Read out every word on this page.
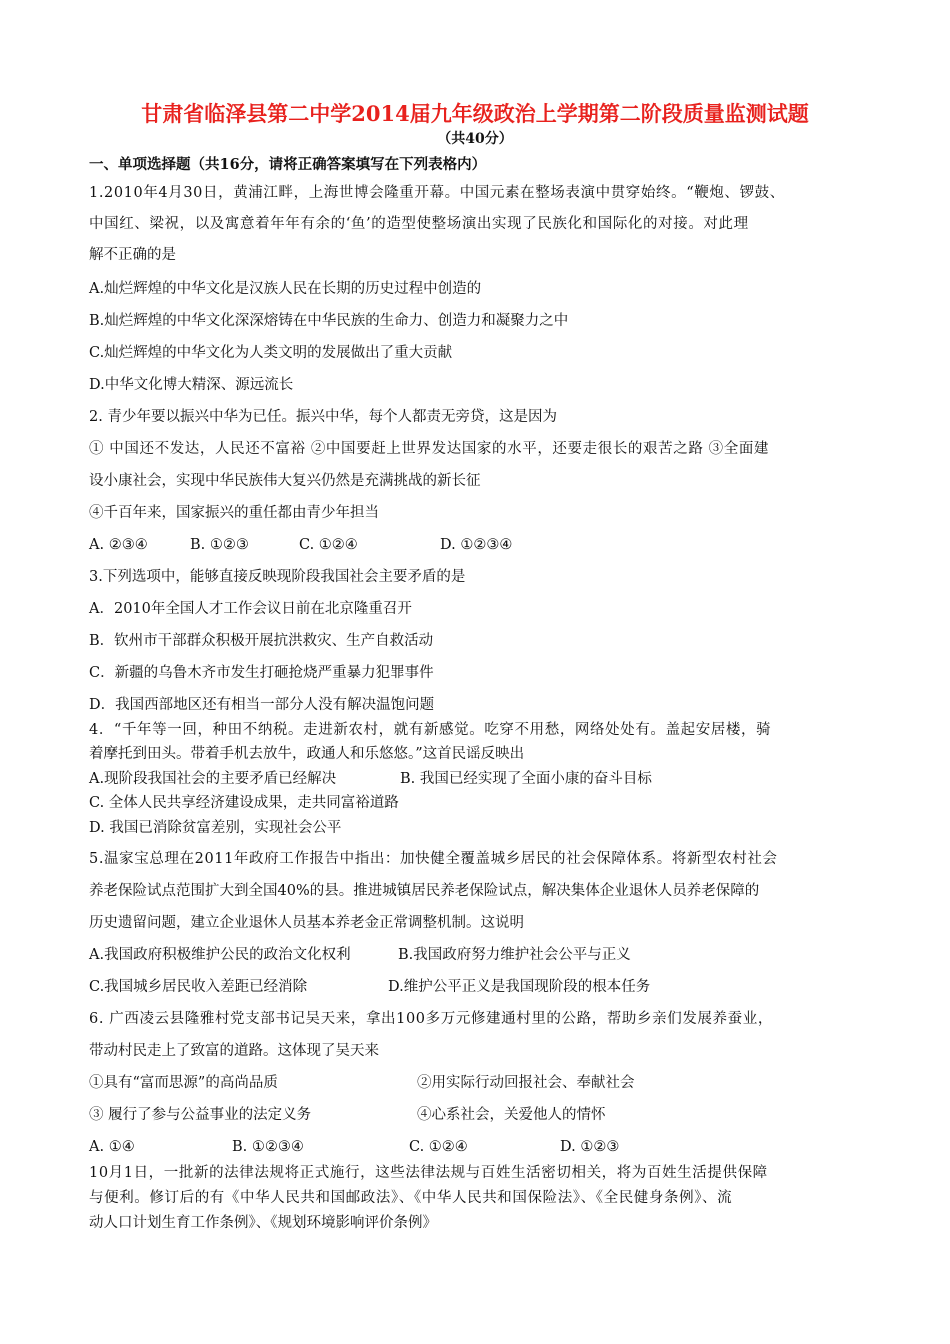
甘肃省临泽县第二中学2014届九年级政治上学期第二阶段质量监测试题
（共40分）
一、单项选择题（共16分，请将正确答案填写在下列表格内）
1.2010年4月30日，黄浦江畔，上海世博会隆重开幕。中国元素在整场表演中贯穿始终。“鞭炮、锣鼓、
中国红、梁祝，以及寓意着年年有余的‘鱼’的造型使整场演出实现了民族化和国际化的对接。对此理
解不正确的是
A.灿烂辉煌的中华文化是汉族人民在长期的历史过程中创造的
B.灿烂辉煌的中华文化深深熔铸在中华民族的生命力、创造力和凝聚力之中
C.灿烂辉煌的中华文化为人类文明的发展做出了重大贡献
D.中华文化博大精深、源远流长
2. 青少年要以振兴中华为已任。振兴中华，每个人都责无旁贷，这是因为
① 中国还不发达，人民还不富裕 ②中国要赶上世界发达国家的水平，还要走很长的艰苦之路 ③全面建
设小康社会，实现中华民族伟大复兴仍然是充满挑战的新长征
④千百年来，国家振兴的重任都由青少年担当
A. ②③④	B. ①②③	C. ①②④	D. ①②③④
3.下列选项中，能够直接反映现阶段我国社会主要矛盾的是
A．2010年全国人才工作会议日前在北京隆重召开
B．钦州市干部群众积极开展抗洪救灾、生产自救活动
C．新疆的乌鲁木齐市发生打砸抢烧严重暴力犯罪事件
D．我国西部地区还有相当一部分人没有解决温饱问题
4．“千年等一回，种田不纳税。走进新农村，就有新感觉。吃穿不用愁，网络处处有。盖起安居楼，骑
着摩托到田头。带着手机去放牛，政通人和乐悠悠。”这首民谣反映出
A.现阶段我国社会的主要矛盾已经解决	B. 我国已经实现了全面小康的奋斗目标
C. 全体人民共享经济建设成果，走共同富裕道路
D. 我国已消除贫富差别，实现社会公平
5.温家宝总理在2011年政府工作报告中指出：加快健全覆盖城乡居民的社会保障体系。将新型农村社会
养老保险试点范围扩大到全国40%的县。推进城镇居民养老保险试点，解决集体企业退休人员养老保障的
历史遗留问题，建立企业退休人员基本养老金正常调整机制。这说明
A.我国政府积极维护公民的政治文化权利	B.我国政府努力维护社会公平与正义
C.我国城乡居民收入差距已经消除	D.维护公平正义是我国现阶段的根本任务
6. 广西凌云县隆雅村党支部书记吴天来，拿出100多万元修建通村里的公路，帮助乡亲们发展养蚕业，
带动村民走上了致富的道路。这体现了吴天来
①具有“富而思源”的高尚品质	②用实际行动回报社会、奉献社会
③ 履行了参与公益事业的法定义务	④心系社会，关爱他人的情怀
A. ①④	B. ①②③④	C. ①②④	D. ①②③
10月1日，一批新的法律法规将正式施行，这些法律法规与百姓生活密切相关，将为百姓生活提供保障
与便利。修订后的有《中华人民共和国邮政法》、《中华人民共和国保险法》、《全民健身条例》、流
动人口计划生育工作条例》、《规划环境影响评价条例》
